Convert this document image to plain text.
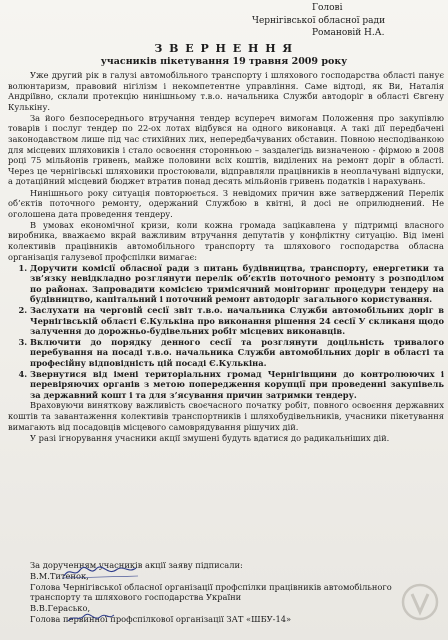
Голові
Чернігівської обласної ради
Романовій Н.А.
З В Е Р Н Е Н Н Я
учасників пікетування 19 травня 2009 року

Уже другий рік в галузі автомобільного транспорту і шляхового господарства області панує волюнтаризм, правовий нігілізм і некомпетентне управління. Саме відтоді, як Ви, Наталія Андріївно, склали протекцію нинішньому т.в.о. начальника Служби автодоріг в області Євгену Кулькіну.

За його безпосереднього втручання тендер всупереч вимогам Положення про закупівлю товарів і послуг тендер по 22-ох лотах відбувся на одного виконавця. А такі дії передбачені законодавством лише під час стихійних лих, непередбачуваних обставин. Повною несподіванкою для місцевих шляховиків і стало освоєння сторонньою – заздалегідь визначеною - фірмою в 2008 році 75 мільйонів гривень, майже половини всіх коштів, виділених на ремонт доріг в області. Через це чернігівські шляховики простоювали, відправляли працівників в неоплачувані відпуски, а дотаційний місцевий бюджет втратив понад десять мільйонів гривень податків і нарахувань.

Нинішнього року ситуація повторюється. З невідомих причин вже затверджений Перелік об’єктів поточного ремонту, одержаний Службою в квітні, й досі не оприлюднений. Не оголошена дата проведення тендеру.

В умовах економічної кризи, коли кожна громада зацікавлена у підтримці власного виробника, вважаємо вкрай важливим втручання депутатів у конфліктну ситуацію. Від імені колективів працівників автомобільного транспорту та шляхового господарства обласна організація галузевої профспілки вимагає:

1. Доручити комісії обласної ради з питань будівництва, транспорту, енергетики та зв’язку невідкладно розглянути перелік об’єктів поточного ремонту з розподілом по районах. Запровадити комісією тримісячний моніторинг процедури тендеру на будівництво, капітальний і поточний ремонт автодоріг загального користування.
2. Заслухати на черговій сесії звіт т.в.о. начальника Служби автомобільних доріг в Чернігівській області Є.Кулькіна про виконання рішення 24 сесії У скликаня щодо залучення до дорожньо-будівельних робіт місцевих виконавців.
3. Включити до порядку денного сесії та розглянути доцільність тривалого перебування на посаді т.в.о. начальника Служби автомобільних доріг в області та професійну відповідність цій посаді Є.Кулькіна.
4. Звернутися від імені територіальних громад Чернігівщини до контролюючих і перевіряючих органів з метою попередження корупції при проведенні закупівель за державний кошт і та для з’ясування причин затримки тендеру.

Враховуючи виняткову важливість своєчасного початку робіт, повного освоєння державних коштів та завантаження колективів транспортників і шляхобудівельників, учасники пікетування вимагають від посадовців місцевого самоврядування рішучих дій.

У разі ігнорування учасники акції змушені будуть вдатися до радикальніших дій.

За дорученням учасників акції заяву підписали:
В.М.Титенок,
Голова Чернігівської обласної організації профспілки працівників автомобільного
транспорту та шляхового господарства України
В.В.Герасько,
Голова первинної профспілкової організації ЗАТ «ШБУ-14»
